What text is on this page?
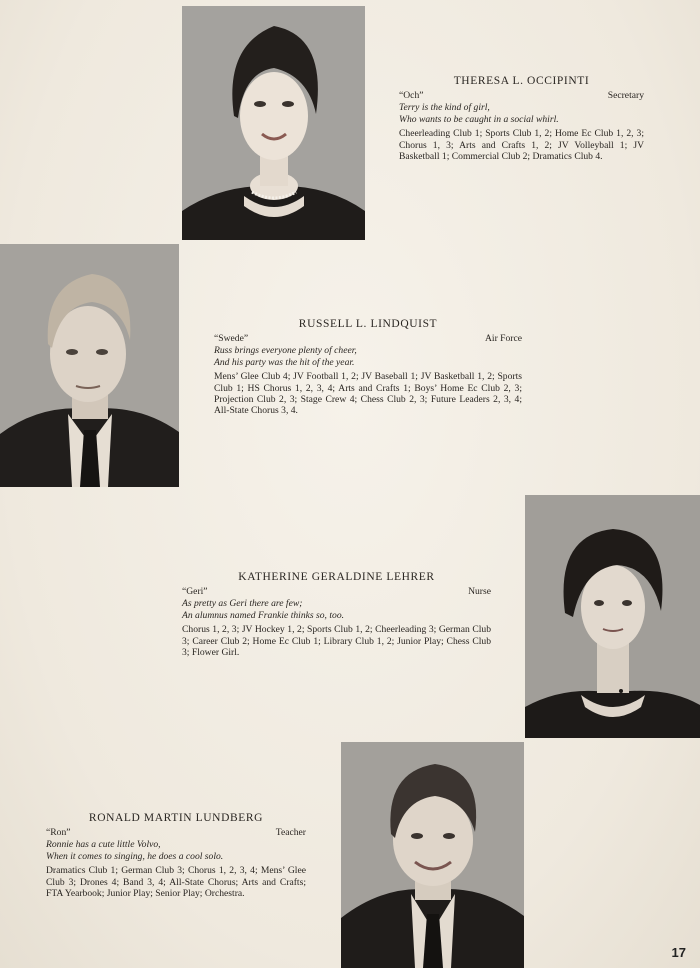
THERESA L. OCCIPINTI
“Och”	Secretary
Terry is the kind of girl,
Who wants to be caught in a social whirl.
Cheerleading Club 1; Sports Club 1, 2; Home Ec Club 1, 2, 3; Chorus 1, 3; Arts and Crafts 1, 2; JV Volleyball 1; JV Basketball 1; Commercial Club 2; Dramatics Club 4.
RUSSELL L. LINDQUIST
“Swede”	Air Force
Russ brings everyone plenty of cheer,
And his party was the hit of the year.
Mens’ Glee Club 4; JV Football 1, 2; JV Baseball 1; JV Basketball 1, 2; Sports Club 1; HS Chorus 1, 2, 3, 4; Arts and Crafts 1; Boys’ Home Ec Club 2, 3; Projection Club 2, 3; Stage Crew 4; Chess Club 2, 3; Future Leaders 2, 3, 4; All-State Chorus 3, 4.
KATHERINE GERALDINE LEHRER
“Geri”	Nurse
As pretty as Geri there are few;
An alumnus named Frankie thinks so, too.
Chorus 1, 2, 3; JV Hockey 1, 2; Sports Club 1, 2; Cheerleading 3; German Club 3; Career Club 2; Home Ec Club 1; Library Club 1, 2; Junior Play; Chess Club 3; Flower Girl.
RONALD MARTIN LUNDBERG
“Ron”	Teacher
Ronnie has a cute little Volvo,
When it comes to singing, he does a cool solo.
Dramatics Club 1; German Club 3; Chorus 1, 2, 3, 4; Mens’ Glee Club 3; Drones 4; Band 3, 4; All-State Chorus; Arts and Crafts; FTA Yearbook; Junior Play; Senior Play; Orchestra.
17
